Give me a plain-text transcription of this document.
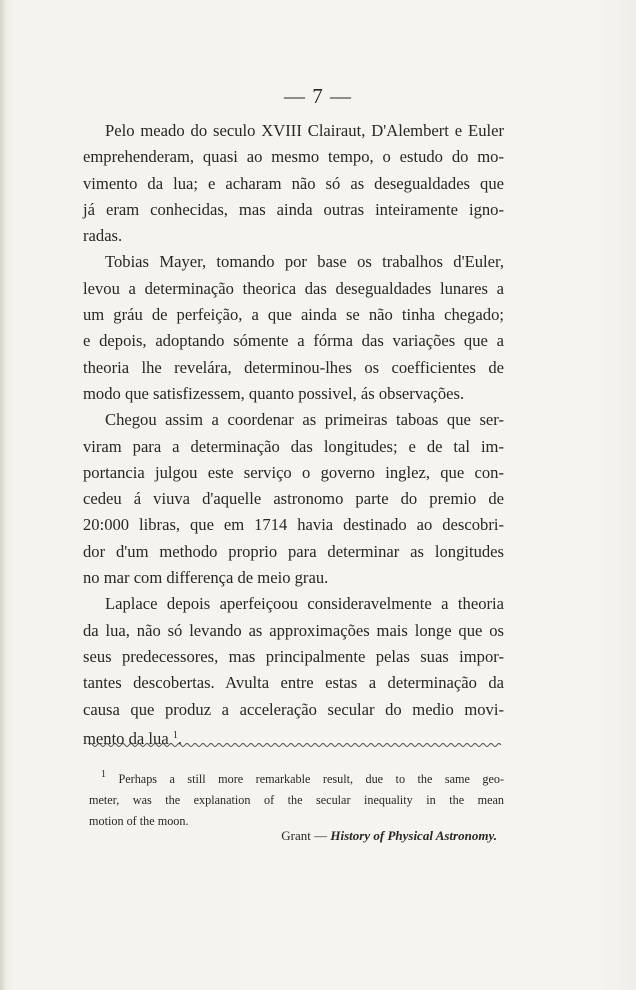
— 7 —
Pelo meado do seculo XVIII Clairaut, D'Alembert e Euler
emprehenderam, quasi ao mesmo tempo, o estudo do mo-
vimento da lua; e acharam não só as desegualdades que
já eram conhecidas, mas ainda outras inteiramente igno-
radas.
Tobias Mayer, tomando por base os trabalhos d'Euler,
levou a determinação theorica das desegualdades lunares a
um gráu de perfeição, a que ainda se não tinha chegado;
e depois, adoptando sómente a fórma das variações que a
theoria lhe revelára, determinou-lhes os coefficientes de
modo que satisfizessem, quanto possivel, ás observações.
Chegou assim a coordenar as primeiras taboas que ser-
viram para a determinação das longitudes; e de tal im-
portancia julgou este serviço o governo inglez, que con-
cedeu á viuva d'aquelle astronomo parte do premio de
20:000 libras, que em 1714 havia destinado ao descobri-
dor d'um methodo proprio para determinar as longitudes
no mar com differença de meio grau.
Laplace depois aperfeiçoou consideravelmente a theoria
da lua, não só levando as approximações mais longe que os
seus predecessores, mas principalmente pelas suas impor-
tantes descobertas. Avulta entre estas a determinação da
causa que produz a acceleração secular do medio movi-
mento da lua $^1$.
$^1$ Perhaps a still more remarkable result, due to the same geo-
meter, was the explanation of the secular inequality in the mean
motion of the moon.
Grant — History of Physical Astronomy.
